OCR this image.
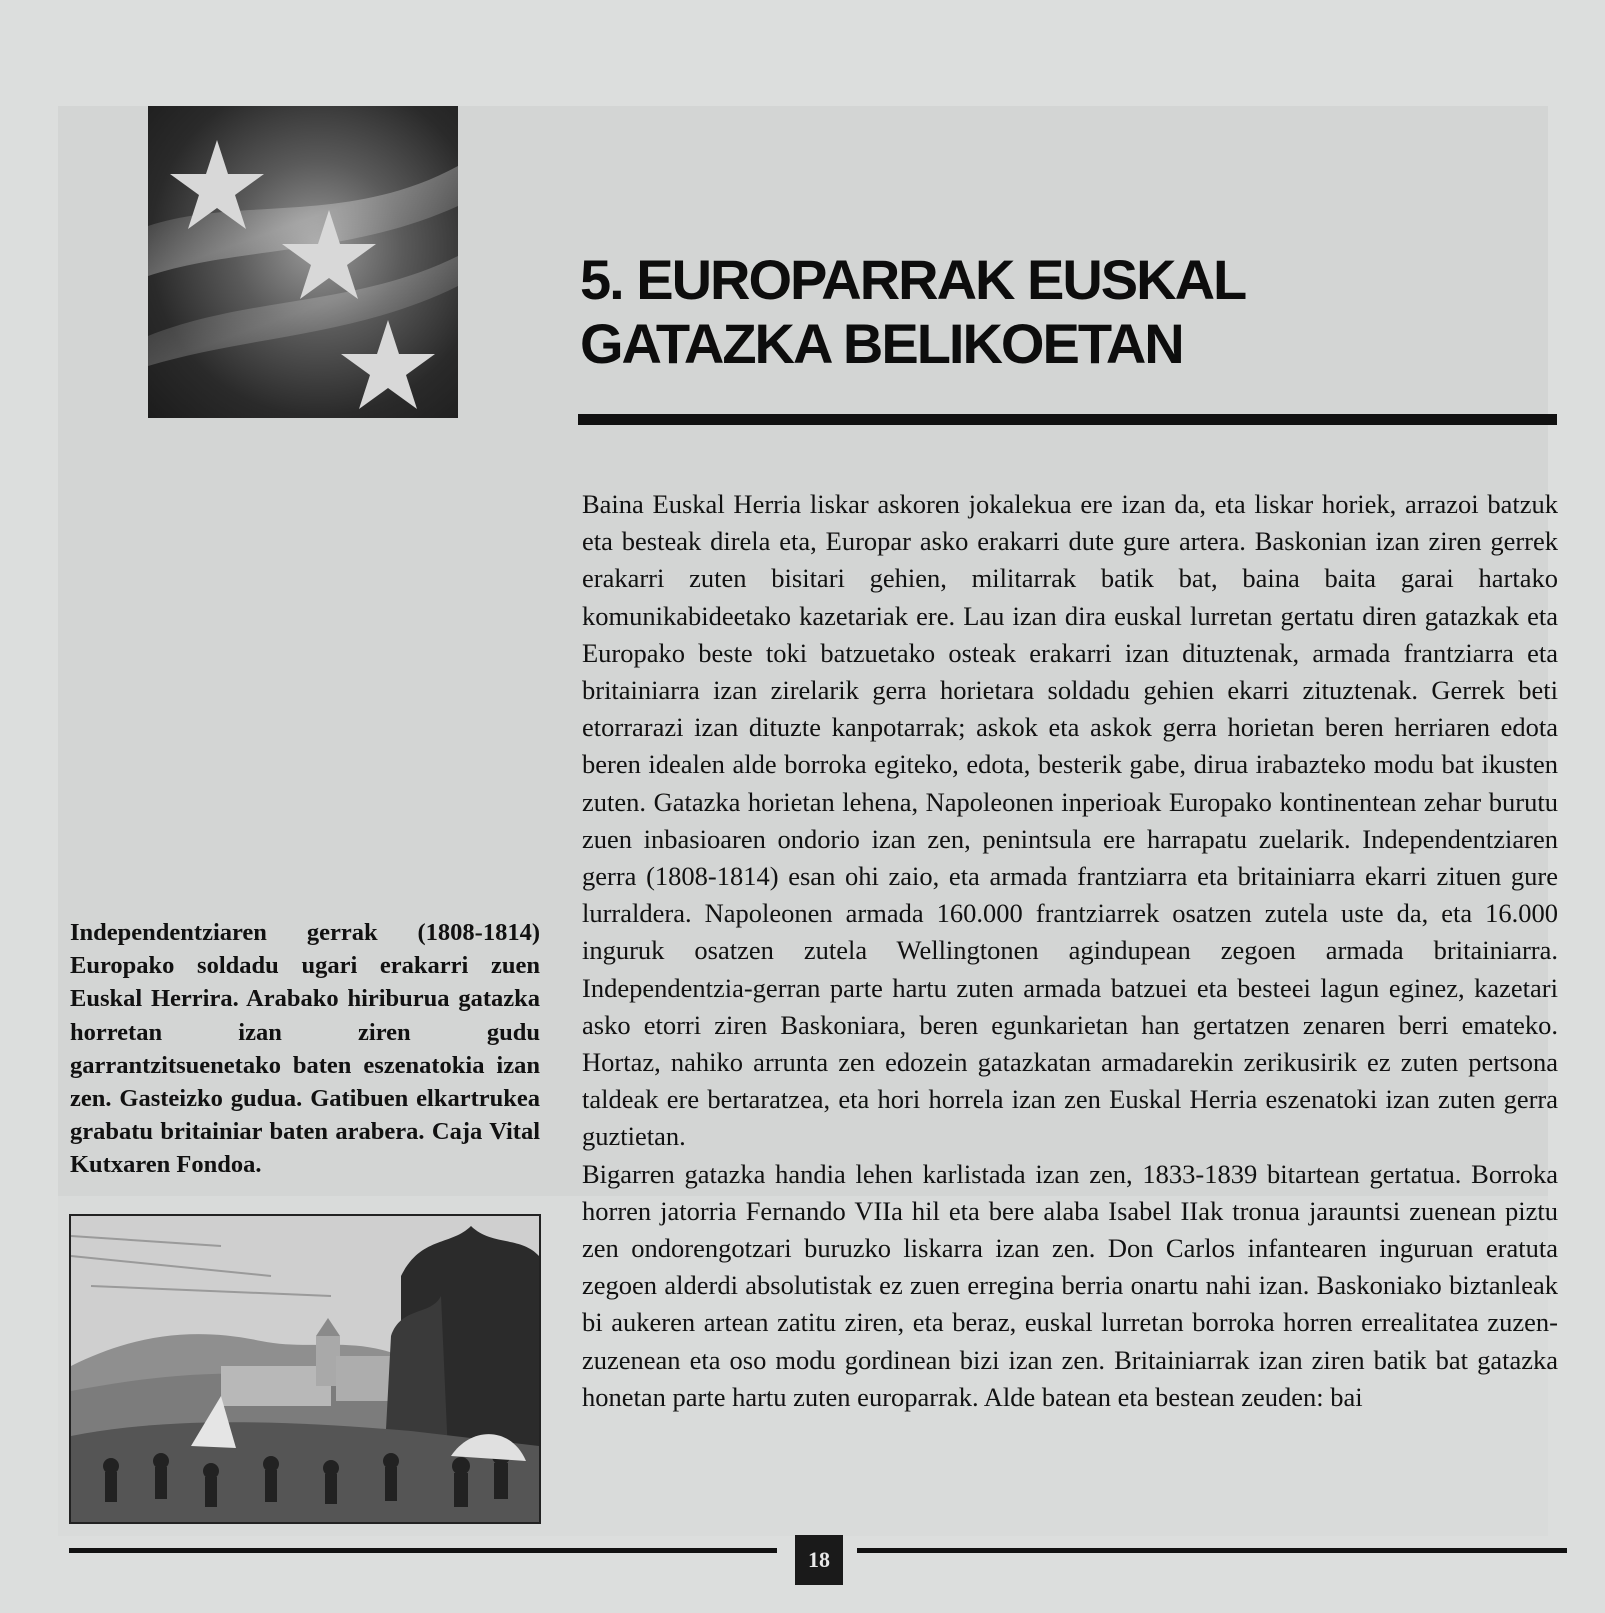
5. EUROPARRAK EUSKAL
GATAZKA BELIKOETAN

Baina Euskal Herria liskar askoren jokalekua ere izan da, eta liskar horiek, arrazoi batzuk eta besteak direla eta, Europar asko erakarri dute gure artera. Baskonian izan ziren gerrek erakarri zuten bisitari gehien, militarrak batik bat, baina baita garai hartako komunikabideetako kazetariak ere. Lau izan dira euskal lurretan gertatu diren gatazkak eta Europako beste toki batzuetako osteak erakarri izan dituztenak, armada frantziarra eta britainiarra izan zirelarik gerra horietara soldadu gehien ekarri zituztenak. Gerrek beti etorrarazi izan dituzte kanpotarrak; askok eta askok gerra horietan beren herriaren edota beren idealen alde borroka egiteko, edota, besterik gabe, dirua irabazteko modu bat ikusten zuten. Gatazka horietan lehena, Napoleonen inperioak Europako kontinentean zehar burutu zuen inbasioaren ondorio izan zen, penintsula ere harrapatu zuelarik. Independentziaren gerra (1808-1814) esan ohi zaio, eta armada frantziarra eta britainiarra ekarri zituen gure lurraldera. Napoleonen armada 160.000 frantziarrek osatzen zutela uste da, eta 16.000 inguruk osatzen zutela Wellingtonen agindupean zegoen armada britainiarra. Independentzia-gerran parte hartu zuten armada batzuei eta besteei lagun eginez, kazetari asko etorri ziren Baskoniara, beren egunkarietan han gertatzen zenaren berri emateko. Hortaz, nahiko arrunta zen edozein gatazkatan armadarekin zerikusirik ez zuten pertsona taldeak ere bertaratzea, eta hori horrela izan zen Euskal Herria eszenatoki izan zuten gerra guztietan.

Bigarren gatazka handia lehen karlistada izan zen, 1833-1839 bitartean gertatua. Borroka horren jatorria Fernando VIIa hil eta bere alaba Isabel IIak tronua jarauntsi zuenean piztu zen ondorengotzari buruzko liskarra izan zen. Don Carlos infantearen inguruan eratuta zegoen alderdi absolutistak ez zuen erregina berria onartu nahi izan. Baskoniako biztanleak bi aukeren artean zatitu ziren, eta beraz, euskal lurretan borroka horren errealitatea zuzen-zuzenean eta oso modu gordinean bizi izan zen. Britainiarrak izan ziren batik bat gatazka honetan parte hartu zuten europarrak. Alde batean eta bestean zeuden: bai

Independentziaren gerrak (1808-1814) Europako soldadu ugari erakarri zuen Euskal Herrira. Arabako hiriburua gatazka horretan izan ziren gudu garrantzitsuenetako baten eszenatokia izan zen. Gasteizko gudua. Gatibuen elkartrukea grabatu britainiar baten arabera. Caja Vital Kutxaren Fondoa.
18
